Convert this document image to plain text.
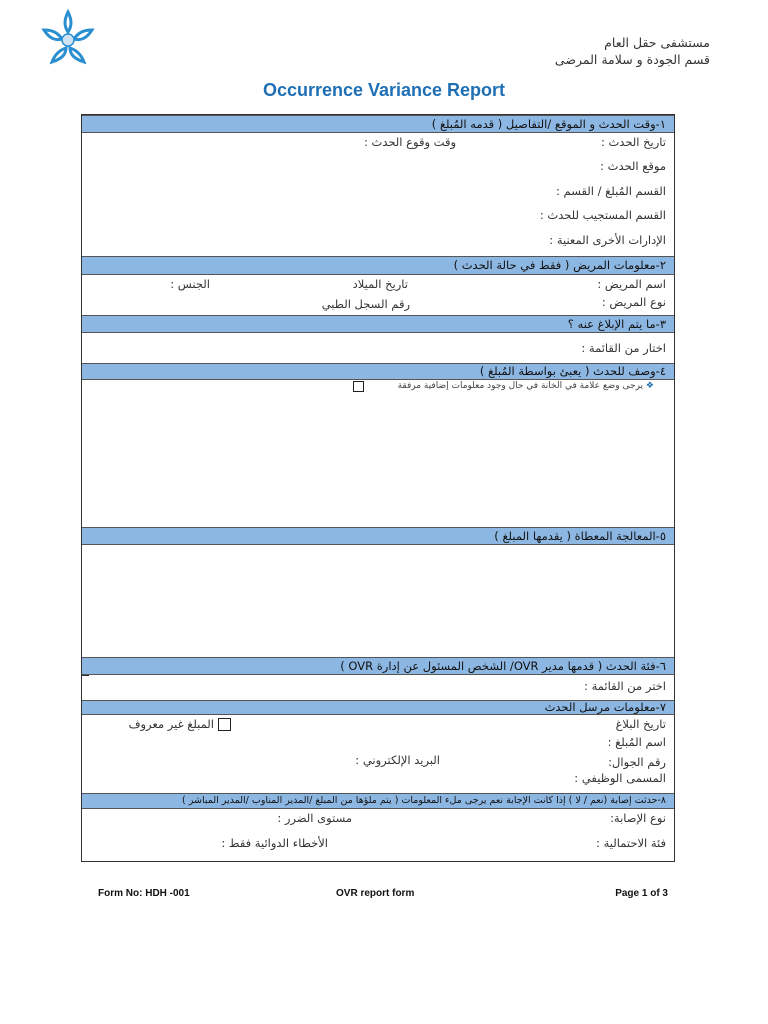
مستشفى حقل العام
قسم الجودة و سلامة المرضى
Occurrence Variance Report
١-وقت الحدث و الموقع /التفاصيل ( قدمه المُبلغ )
تاريخ الحدث :
وقت وقوع الحدث :
موقع الحدث :
القسم المُبلغ / القسم :
القسم المستجيب للحدث :
الإدارات الأخرى المعنية :
٢-معلومات المريض ( فقط في حالة الحدث )
اسم المريض :
تاريخ الميلاد
الجنس :
نوع المريض :
رقم السجل الطبي
٣-ما يتم الإبلاغ عنه ؟
اختار من القائمة :
٤-وصف للحدث ( يعبئ بواسطة المُبلغ )
❖ يرجى وضع علامة في الخانة في حال وجود معلومات إضافية مرفقة
٥-المعالجة المعطاة ( يقدمها المبلغ )
٦-فئة الحدث ( قدمها مدير OVR/ الشخص المسئول عن إدارة OVR )
اختر من القائمة :
٧-معلومات مرسل الحدث
تاريخ البلاغ
المبلغ غير معروف
اسم المُبلغ :
رقم الجوال:
البريد الإلكتروني :
المسمى الوظيفي :
٨-حدثت إصابة (نعم / لا ) إذا كانت الإجابة نعم يرجى ملء المعلومات ( يتم ملؤها من المبلغ /المدير المناوب /المدير المباشر )
نوع الإصابة:
مستوى الضرر :
فئة الاحتمالية :
الأخطاء الدوائية فقط :
Form No: HDH -001	OVR report form	Page 1 of 3
